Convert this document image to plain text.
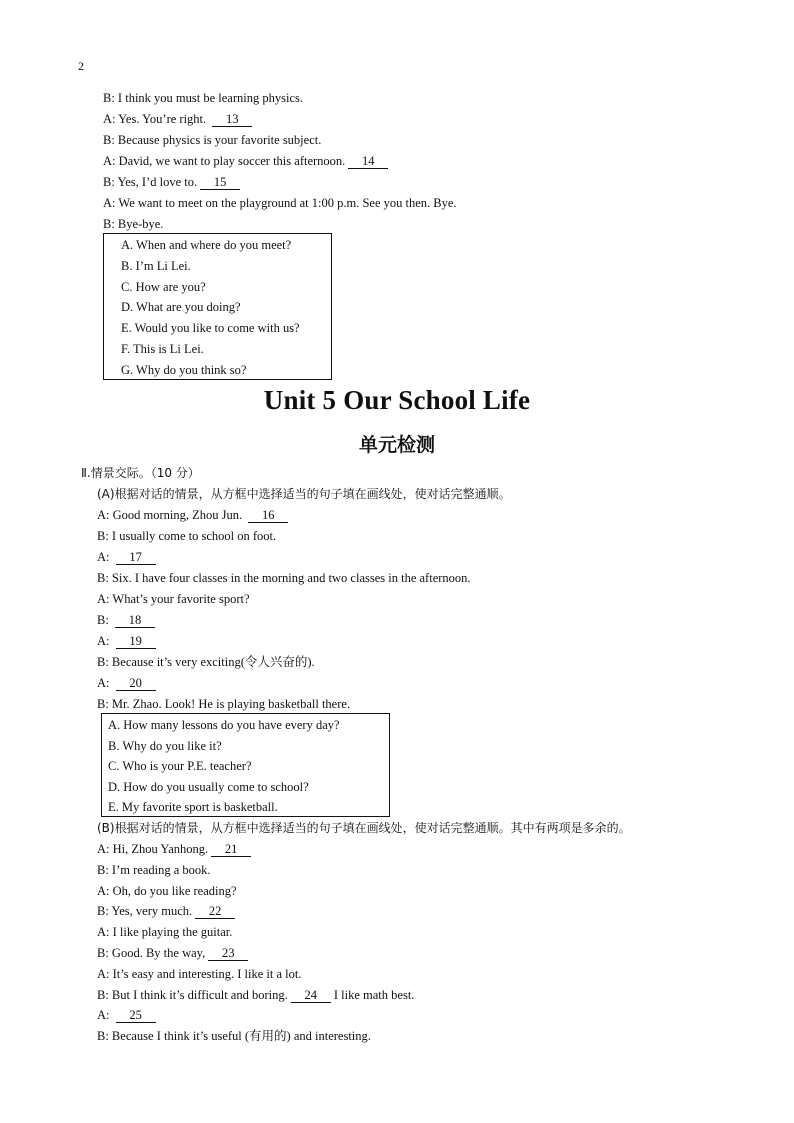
2
B: I think you must be learning physics.
A: Yes. You’re right. 13
B: Because physics is your favorite subject.
A: David, we want to play soccer this afternoon. 14
B: Yes, I’d love to. 15
A: We want to meet on the playground at 1:00 p.m. See you then. Bye.
B: Bye-bye.
A. When and where do you meet?
B. I’m Li Lei.
C. How are you?
D. What are you doing?
E. Would you like to come with us?
F. This is Li Lei.
G. Why do you think so?
Unit 5 Our School Life
单元检测
Ⅱ.情景交际。（10 分）
(A)根据对话的情景，从方框中选择适当的句子填在画线处，使对话完整通顺。
A: Good morning, Zhou Jun. 16
B: I usually come to school on foot.
A: 17
B: Six. I have four classes in the morning and two classes in the afternoon.
A: What’s your favorite sport?
B: 18
A: 19
B: Because it’s very exciting(令人兴奋的).
A: 20
B: Mr. Zhao. Look! He is playing basketball there.
A. How many lessons do you have every day?
B. Why do you like it?
C. Who is your P.E. teacher?
D. How do you usually come to school?
E. My favorite sport is basketball.
(B)根据对话的情景，从方框中选择适当的句子填在画线处，使对话完整通顺。其中有两项是多余的。
A: Hi, Zhou Yanhong. 21
B: I’m reading a book.
A: Oh, do you like reading?
B: Yes, very much. 22
A: I like playing the guitar.
B: Good. By the way, 23
A: It’s easy and interesting. I like it a lot.
B: But I think it’s difficult and boring. 24 I like math best.
A: 25
B: Because I think it’s useful (有用的) and interesting.
